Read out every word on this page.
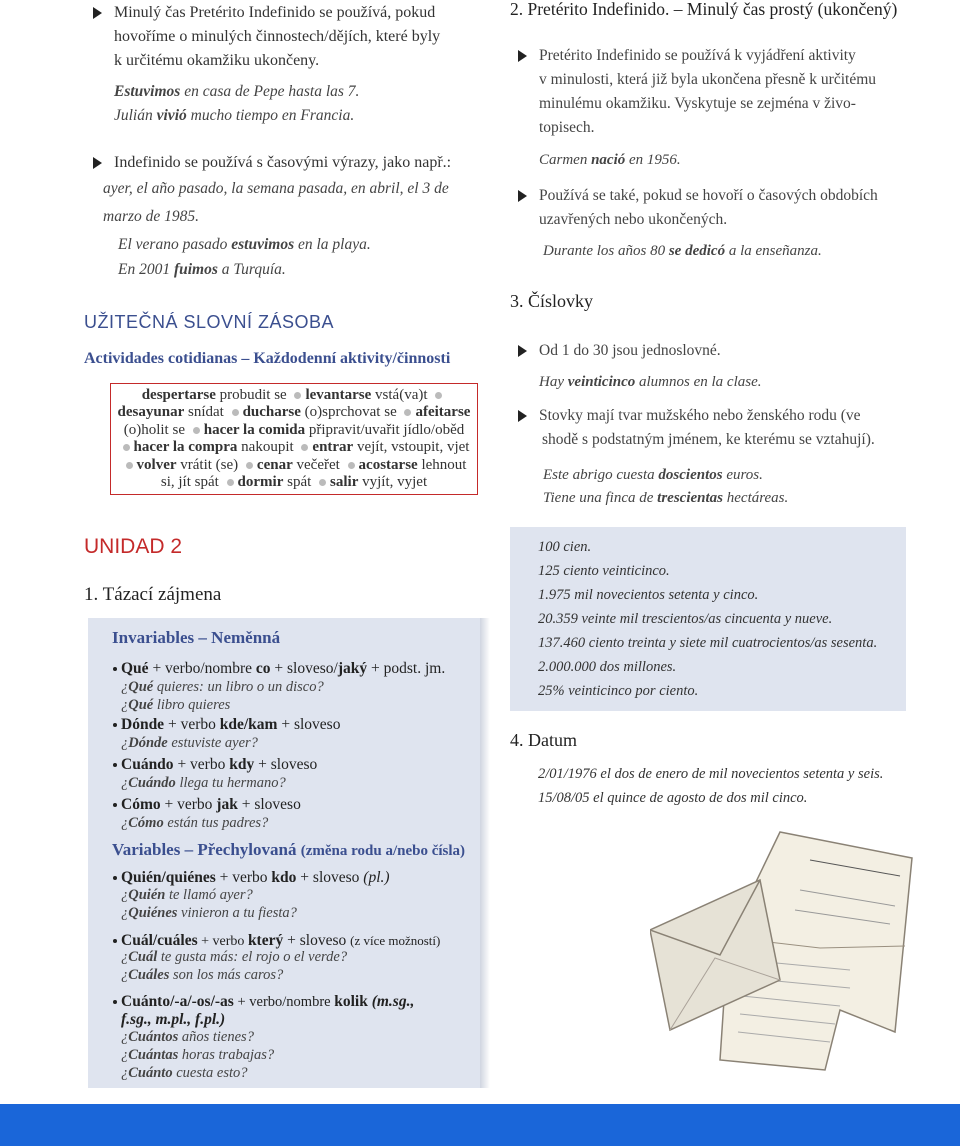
Minulý čas Pretérito Indefinido se používá, pokud
hovoříme o minulých činnostech/dějích, které byly
k určitému okamžiku ukončeny.
Estuvimos en casa de Pepe hasta las 7.
Julián vivió mucho tiempo en Francia.
Indefinido se používá s časovými výrazy, jako např.:
ayer, el año pasado, la semana pasada, en abril, el 3 de
marzo de 1985.
El verano pasado estuvimos en la playa.
En 2001 fuimos a Turquía.
UŽITEČNÁ SLOVNÍ ZÁSOBA
Actividades cotidianas – Každodenní aktivity/činnosti
despertarse probudit se levantarse vstá(va)t  desayunar snídat ducharse (o)sprchovat se afeitarse (o)holit se hacer la comida připravit/uvařit jídlo/oběd hacer la compra nakoupit entrar vejít, vstoupit, vjet volver vrátit (se) cenar večeřet acostarse lehnout si, jít spát dormir spát salir vyjít, vyjet
UNIDAD 2
1. Tázací zájmena
Invariables – Neměnná
Qué + verbo/nombre co + sloveso/jaký + podst. jm.
¿Qué quieres: un libro o un disco?
¿Qué libro quieres
Dónde + verbo kde/kam + sloveso
¿Dónde estuviste ayer?
Cuándo + verbo kdy + sloveso
¿Cuándo llega tu hermano?
Cómo + verbo jak + sloveso
¿Cómo están tus padres?
Variables – Přechylovaná (změna rodu a/nebo čísla)
Quién/quiénes + verbo kdo + sloveso (pl.)
¿Quién te llamó ayer?
¿Quiénes vinieron a tu fiesta?
Cuál/cuáles + verbo který + sloveso (z více možností)
¿Cuál te gusta más: el rojo o el verde?
¿Cuáles son los más caros?
Cuánto/-a/-os/-as + verbo/nombre kolik (m.sg.,
f.sg., m.pl., f.pl.)
¿Cuántos años tienes?
¿Cuántas horas trabajas?
¿Cuánto cuesta esto?
2. Pretérito Indefinido. – Minulý čas prostý (ukončený)
Pretérito Indefinido se používá k vyjádření aktivity
v minulosti, která již byla ukončena přesně k určitému
minulému okamžiku. Vyskytuje se zejména v živo-
topisech.
Carmen nació en 1956.
Používá se také, pokud se hovoří o časových obdobích
uzavřených nebo ukončených.
Durante los años 80 se dedicó a la enseñanza.
3. Číslovky
Od 1 do 30 jsou jednoslovné.
Hay veinticinco alumnos en la clase.
Stovky mají tvar mužského nebo ženského rodu (ve
shodě s podstatným jménem, ke kterému se vztahují).
Este abrigo cuesta doscientos euros.
Tiene una finca de trescientas hectáreas.
100 cien.
125 ciento veinticinco.
1.975 mil novecientos setenta y cinco.
20.359 veinte mil trescientos/as cincuenta y nueve.
137.460 ciento treinta y siete mil cuatrocientos/as sesenta.
2.000.000 dos millones.
25% veinticinco por ciento.
4. Datum
2/01/1976 el dos de enero de mil novecientos setenta y seis.
15/08/05 el quince de agosto de dos mil cinco.
